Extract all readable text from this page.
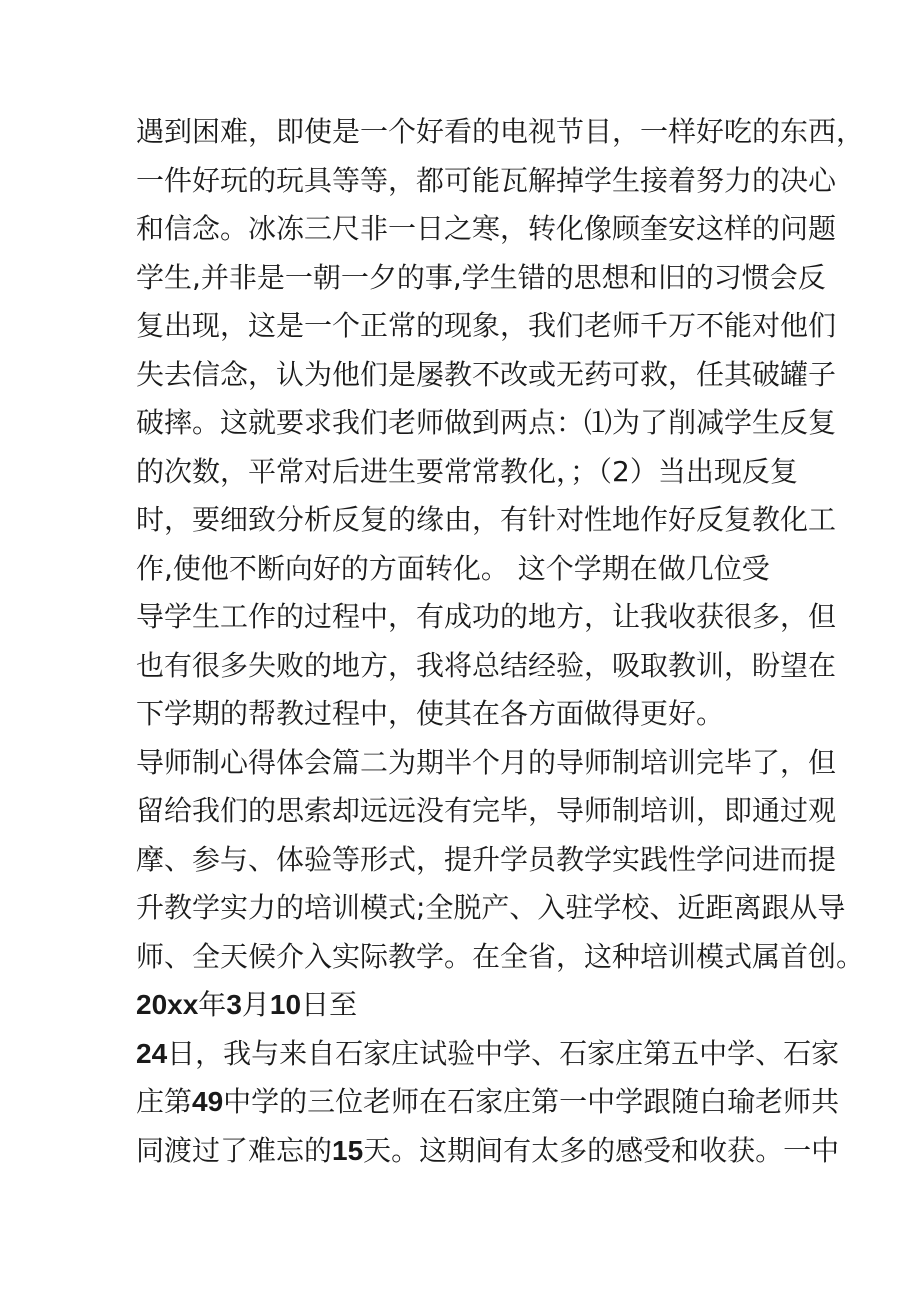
遇到困难，即使是一个好看的电视节目，一样好吃的东西，
一件好玩的玩具等等，都可能瓦解掉学生接着努力的决心
和信念。冰冻三尺非一日之寒，转化像顾奎安这样的问题
学生,并非是一朝一夕的事,学生错的思想和旧的习惯会反
复出现，这是一个正常的现象，我们老师千万不能对他们
失去信念，认为他们是屡教不改或无药可救，任其破罐子
破摔。这就要求我们老师做到两点：⑴为了削减学生反复
的次数，平常对后进生要常常教化，；（2）当出现反复
时，要细致分析反复的缘由，有针对性地作好反复教化工
作,使他不断向好的方面转化。 这个学期在做几位受
导学生工作的过程中，有成功的地方，让我收获很多，但
也有很多失败的地方，我将总结经验，吸取教训，盼望在
下学期的帮教过程中，使其在各方面做得更好。
导师制心得体会篇二为期半个月的导师制培训完毕了，但
留给我们的思索却远远没有完毕，导师制培训，即通过观
摩、参与、体验等形式，提升学员教学实践性学问进而提
升教学实力的培训模式;全脱产、入驻学校、近距离跟从导
师、全天候介入实际教学。在全省，这种培训模式属首创。
20xx年3月10日至
24日，我与来自石家庄试验中学、石家庄第五中学、石家
庄第49中学的三位老师在石家庄第一中学跟随白瑜老师共
同渡过了难忘的15天。这期间有太多的感受和收获。一中
